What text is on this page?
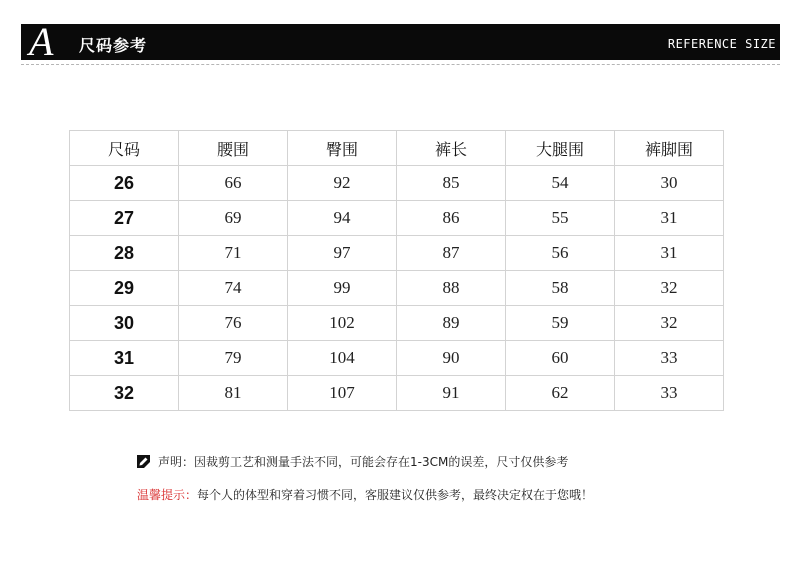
A 尺码参考	REFERENCE SIZE
尺码	腰围	臀围	裤长	大腿围	裤脚围
26	66	92	85	54	30
27	69	94	86	55	31
28	71	97	87	56	31
29	74	99	88	58	32
30	76	102	89	59	32
31	79	104	90	60	33
32	81	107	91	62	33
声明：因裁剪工艺和测量手法不同，可能会存在1-3CM的误差，尺寸仅供参考
温馨提示：每个人的体型和穿着习惯不同，客服建议仅供参考，最终决定权在于您哦！
